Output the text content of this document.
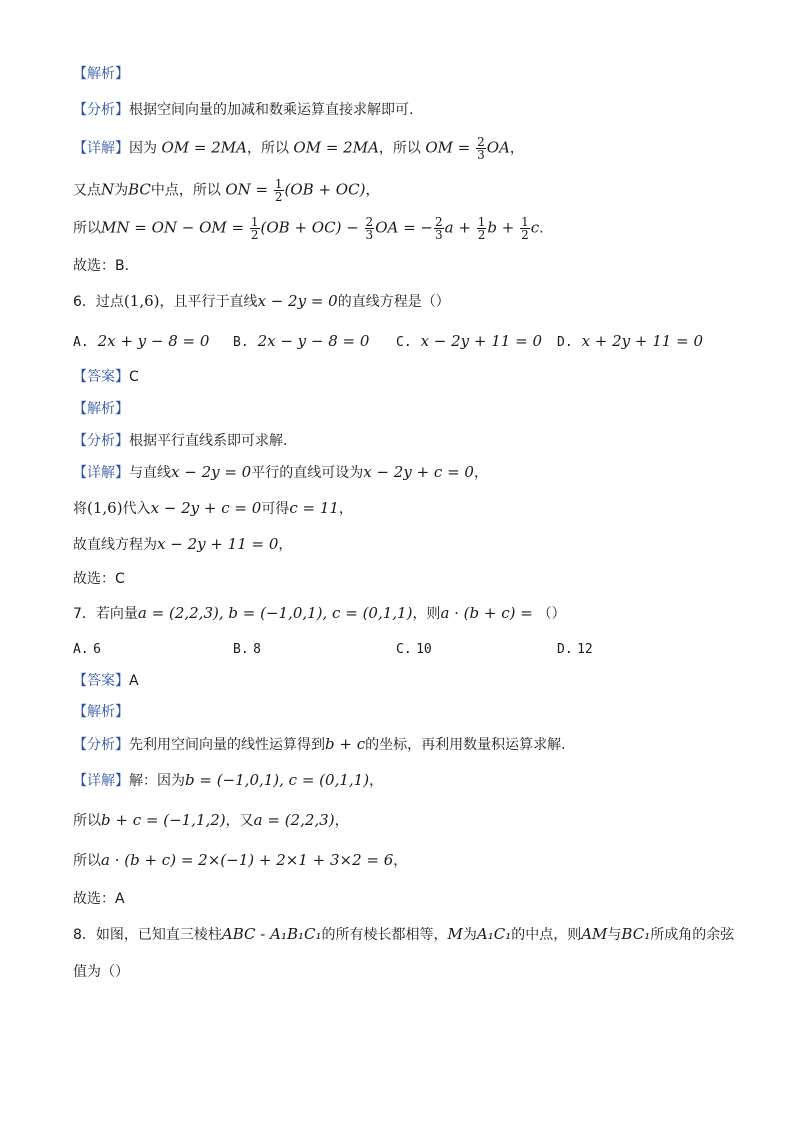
【解析】
【分析】根据空间向量的加减和数乘运算直接求解即可.
【详解】因为 OM = 2MA，所以 OM = 2MA，所以 OM = $\frac{2}{3}$ OA，
又点N为BC中点，所以 ON = $\frac{1}{2} (OB + OC)$，
所以MN = ON − OM = $\frac{1}{2} (OB + OC) - \frac{2}{3}$ OA = − $\frac{2}{3}$ $a + \frac{1}{2}$ $b + \frac{1}{2} c$.
故选：B.
6．过点(1,6)，且平行于直线x − 2y = 0的直线方程是（）
A. 2x + y − 8 = 0 B. 2x − y − 8 = 0 C. x − 2y + 11 = 0 D. x + 2y + 11 = 0
【答案】C
【解析】
【分析】根据平行直线系即可求解.
【详解】与直线x − 2y = 0平行的直线可设为x − 2y + c = 0，
将(1,6)代入x − 2y + c = 0可得c = 11，
故直线方程为x − 2y + 11 = 0，
故选：C
7．若向量a = (2,2,3), b = (−1,0,1), c = (0,1,1)，则a · (b + c) = （）
A. 6	B. 8	C. 10	D. 12
【答案】A
【解析】
【分析】先利用空间向量的线性运算得到b + c的坐标，再利用数量积运算求解.
【详解】解：因为b = (−1,0,1), c = (0,1,1)，
所以b + c = (−1,1,2)，又a = (2,2,3)，
所以a · (b + c) = 2×(−1) + 2×1 + 3×2 = 6，
故选：A
8．如图，已知直三棱柱ABC - A₁B₁C₁的所有棱长都相等，M为A₁C₁的中点，则AM与BC₁所成角的余弦
值为（）
